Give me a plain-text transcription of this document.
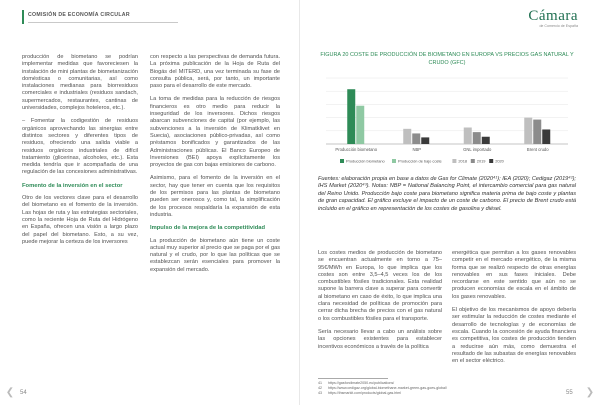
COMISIÓN DE ECONOMÍA CIRCULAR

producción de biometano se podrían implementar medidas que favoreciesen la instalación de mini plantas de biometanización domésticas o comunitarias, así como instalaciones medianas para biorresiduos comerciales e industriales (residuos sandach, supermercados, restaurantes, cantinas de universidades, complejos hoteleros, etc.).

– Fomentar la codigestión de residuos orgánicos aprovechando las sinergias entre distintos sectores y diferentes tipos de residuos, ofreciendo una salida viable a residuos orgánicos industriales de difícil tratamiento (glicerinas, alcoholes, etc.). Esta medida tendría que ir acompañada de una regulación de las concesiones administrativas.

Fomento de la inversión en el sector

Otro de los vectores clave para el desarrollo del biometano es el fomento de la inversión. Las hojas de ruta y las estrategias sectoriales, como la reciente Hoja de Ruta del Hidrógeno en España, ofrecen una visión a largo plazo del papel del biometano. Esto, a su vez, puede mejorar la certeza de los inversores

con respecto a las perspectivas de demanda futura. La próxima publicación de la Hoja de Ruta del Biogás del MITERD, una vez terminada su fase de consulta pública, será, por tanto, un importante paso para el desarrollo de este mercado.

La toma de medidas para la reducción de riesgos financieros es otro medio para reducir la inseguridad de los inversores. Dichos riesgos abarcan subvenciones de capital (por ejemplo, las subvenciones a la inversión de Klimatklivet en Suecia), asociaciones público-privadas, así como préstamos bonificados y garantizados de las Administraciones públicas. El Banco Europeo de Inversiones (BEI) apoya explícitamente los proyectos de gas con bajas emisiones de carbono.

Asimismo, para el fomento de la inversión en el sector, hay que tener en cuenta que los requisitos de los permisos para las plantas de biometano pueden ser onerosos y, como tal, la simplificación de los procesos respaldaría la expansión de esta industria.

Impulso de la mejora de la competitividad

La producción de biometano aún tiene un coste actual muy superior al precio que se paga por el gas natural y el crudo, por lo que las políticas que se establezcan serán esenciales para promover la expansión del mercado.

❮ 54
Cámara
de Comercio de España
FIGURA 20 COSTE DE PRODUCCIÓN DE BIOMETANO EN EUROPA VS PRECIOS GAS NATURAL Y CRUDO (GFC)
Producción biometano	NBP	GNL importado	Brent crudo
Producción biometano	Producción de bajo coste	2018 2019 2020
Fuentes: elaboración propia en base a datos de Gas for Climate (2020⁴¹); IEA (2020); Cedigaz (2019⁴²); IHS Market (2020⁴³). Notas: NBP = National Balancing Point, el intercambio comercial para gas natural del Reino Unido. Producción bajo coste para biometano significa materia prima de bajo coste y plantas de gran capacidad. El gráfico excluye el impacto de un coste de carbono. El precio de Brent crudo está incluido en el gráfico en representación de los costes de gasolina y diésel.

Los costes medios de producción de biometano se encuentran actualmente en torno a 75–95€/MWh en Europa, lo que implica que los costes son entre 3,5–4,5 veces los de los combustibles fósiles tradicionales. Esta realidad supone la barrera clave a superar para convertir al biometano en caso de éxito, lo que implica una clara necesidad de políticas de promoción para cerrar dicha brecha de precios con el gas natural o los combustibles fósiles para el transporte.

Sería necesario llevar a cabo un análisis sobre las opciones existentes para establecer incentivos económicos a través de la política

energética que permitan a los gases renovables competir en el mercado energético, de la misma forma que se realizó respecto de otras energías renovables en sus fases iniciales. Debe recordarse en este sentido que aún no se producen economías de escala en el ámbito de los gases renovables.

El objetivo de los mecanismos de apoyo debería ser estimular la reducción de costes mediante el desarrollo de tecnologías y de economías de escala. Cuando la concesión de ayuda financiera es competitiva, los costes de producción tienden a reducirse aún más, como demuestra el resultado de las subastas de energías renovables en el sector eléctrico.

41 https://gasforclimate2050.eu/publications/
42 https://www.cedigaz.org/global-biomethane-market-green-gas-goes-global/
43 https://ihsmarkit.com/products/global-gas.html	55 ❯
